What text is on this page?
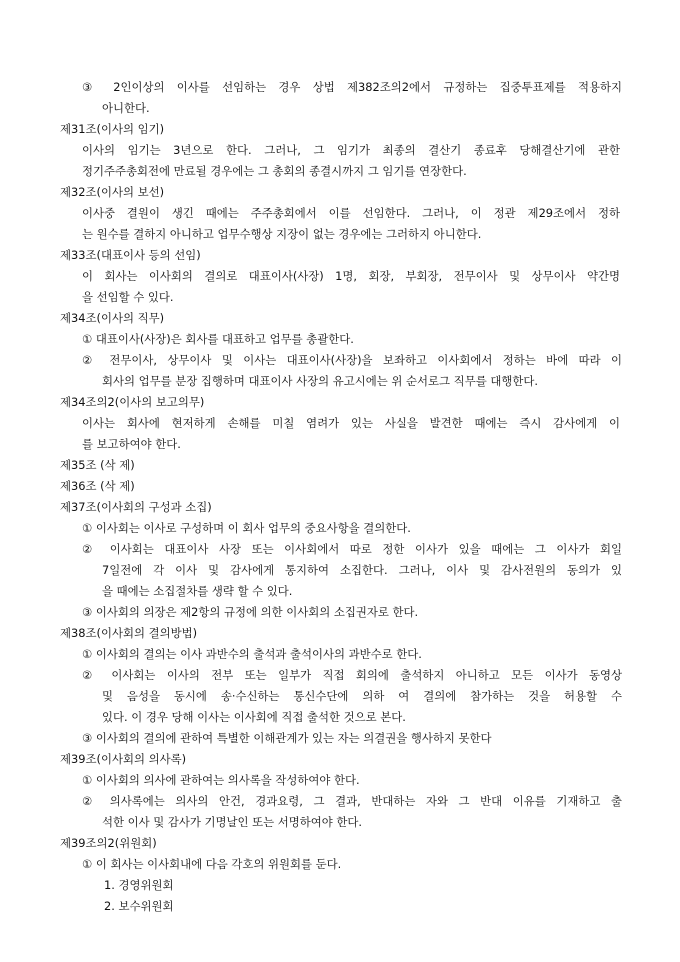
③ 2인이상의 이사를 선임하는 경우 상법 제382조의2에서 규정하는 집중투표제를 적용하지
아니한다.
제31조(이사의 임기)
이사의 임기는 3년으로 한다. 그러나, 그 임기가 최종의 결산기 종료후 당해결산기에 관한
정기주주총회전에 만료될 경우에는 그 총회의 종결시까지 그 임기를 연장한다.
제32조(이사의 보선)
이사중 결원이 생긴 때에는 주주총회에서 이를 선임한다. 그러나, 이 정관 제29조에서 정하
는 원수를 결하지 아니하고 업무수행상 지장이 없는 경우에는 그러하지 아니한다.
제33조(대표이사 등의 선임)
이 회사는 이사회의 결의로 대표이사(사장) 1명, 회장, 부회장, 전무이사 및 상무이사 약간명
을 선임할 수 있다.
제34조(이사의 직무)
① 대표이사(사장)은 회사를 대표하고 업무를 총괄한다.
② 전무이사, 상무이사 및 이사는 대표이사(사장)을 보좌하고 이사회에서 정하는 바에 따라 이
회사의 업무를 분장 집행하며 대표이사 사장의 유고시에는 위 순서로그 직무를 대행한다.
제34조의2(이사의 보고의무)
이사는 회사에 현저하게 손해를 미칠 염려가 있는 사실을 발견한 때에는 즉시 감사에게 이
를 보고하여야 한다.
제35조 (삭 제)
제36조 (삭 제)
제37조(이사회의 구성과 소집)
① 이사회는 이사로 구성하며 이 회사 업무의 중요사항을 결의한다.
② 이사회는 대표이사 사장 또는 이사회에서 따로 정한 이사가 있을 때에는 그 이사가 회일
7일전에 각 이사 및 감사에게 통지하여 소집한다. 그러나, 이사 및 감사전원의 동의가 있
을 때에는 소집절차를 생략 할 수 있다.
③ 이사회의 의장은 제2항의 규정에 의한 이사회의 소집권자로 한다.
제38조(이사회의 결의방법)
① 이사회의 결의는 이사 과반수의 출석과 출석이사의 과반수로 한다.
② 이사회는 이사의 전부 또는 일부가 직접 회의에 출석하지 아니하고 모든 이사가 동영상
및 음성을 동시에 송·수신하는 통신수단에 의하 여 결의에 참가하는 것을 허용할 수
있다. 이 경우 당해 이사는 이사회에 직접 출석한 것으로 본다.
③ 이사회의 결의에 관하여 특별한 이해관계가 있는 자는 의결권을 행사하지 못한다
제39조(이사회의 의사록)
① 이사회의 의사에 관하여는 의사록을 작성하여야 한다.
② 의사록에는 의사의 안건, 경과요령, 그 결과, 반대하는 자와 그 반대 이유를 기재하고 출
석한 이사 및 감사가 기명날인 또는 서명하여야 한다.
제39조의2(위원회)
① 이 회사는 이사회내에 다음 각호의 위원회를 둔다.
1. 경영위원회
2. 보수위원회
